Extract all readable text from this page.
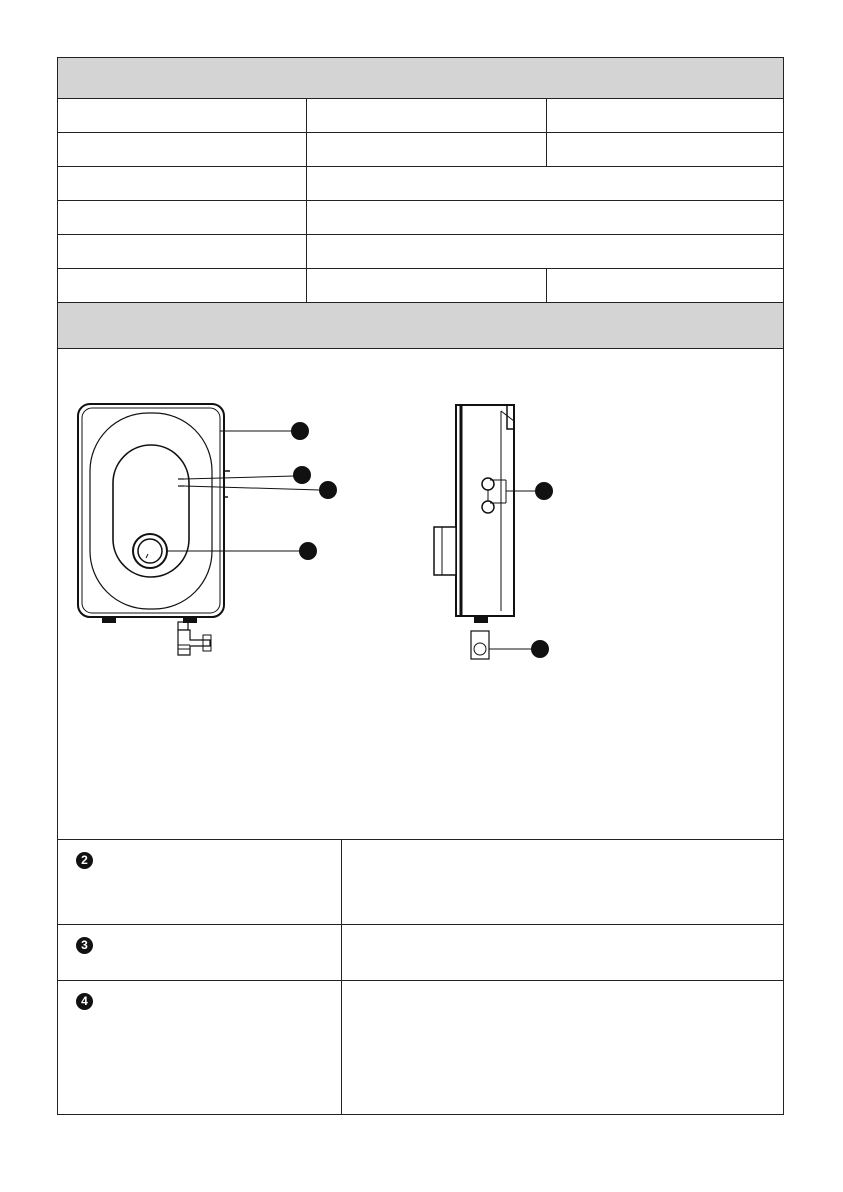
2
3
4
